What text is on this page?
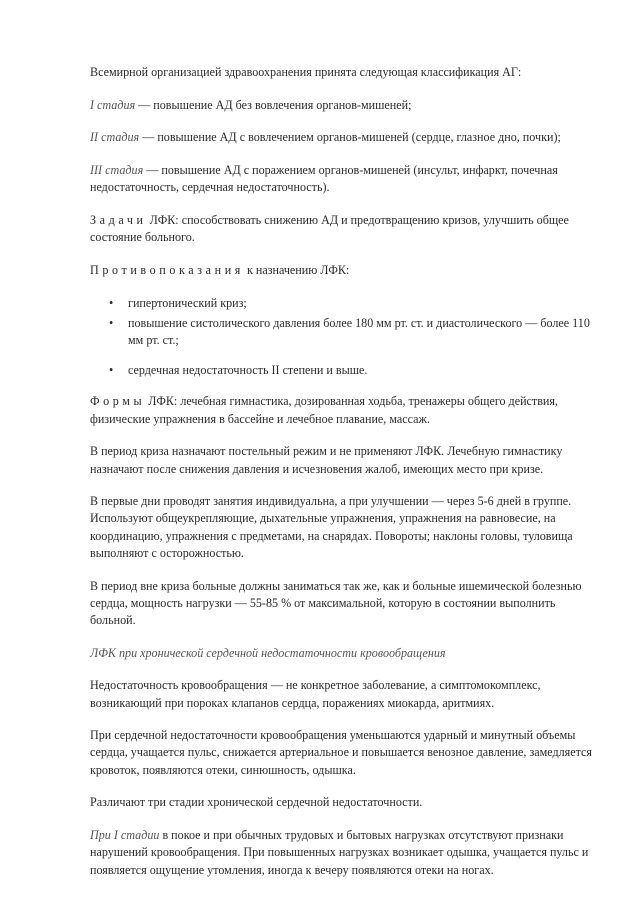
Всемирной организацией здравоохранения принята следующая классификация АГ:

I стадия — повышение АД без вовлечения органов-мишеней;

II стадия — повышение АД с вовлечением органов-мишеней (сердце, глазное дно, почки);

III стадия — повышение АД с поражением органов-мишеней (инсульт, инфаркт, почечная недостаточность, сердечная недостаточность).

Задачи ЛФК: способствовать снижению АД и предотвращению кризов, улучшить общее состояние больного.

Противопоказания к назначению ЛФК:

• гипертонический криз;
• повышение систолического давления более 180 мм рт. ст. и диастолического — более 110 мм рт. ст.;
• сердечная недостаточность II степени и выше.

Формы ЛФК: лечебная гимнастика, дозированная ходьба, тренажеры общего действия, физические упражнения в бассейне и лечебное плавание, массаж.

В период криза назначают постельный режим и не применяют ЛФК. Лечебную гимнастику назначают после снижения давления и исчезновения жалоб, имеющих место при кризе.

В первые дни проводят занятия индивидуальна, а при улучшении — через 5-6 дней в группе. Используют общеукрепляющие, дыхательные упражнения, упражнения на равновесие, на координацию, упражнения с предметами, на снарядах. Повороты; наклоны головы, туловища выполняют с осторожностью.

В период вне криза больные должны заниматься так же, как и больные ишемической болезнью сердца, мощность нагрузки — 55-85 % от максимальной, которую в состоянии выполнить больной.

ЛФК при хронической сердечной недостаточности кровообращения

Недостаточность кровообращения — не конкретное заболевание, а симптомокомплекс, возникающий при пороках клапанов сердца, поражениях миокарда, аритмиях.

При сердечной недостаточности кровообращения уменьшаются ударный и минутный объемы сердца, учащается пульс, снижается артериальное и повышается венозное давление, замедляется кровоток, появляются отеки, синюшность, одышка.

Различают три стадии хронической сердечной недостаточности.

При I стадии в покое и при обычных трудовых и бытовых нагрузках отсутствуют признаки нарушений кровообращения. При повышенных нагрузках возникает одышка, учащается пульс и появляется ощущение утомления, иногда к вечеру появляются отеки на ногах.
